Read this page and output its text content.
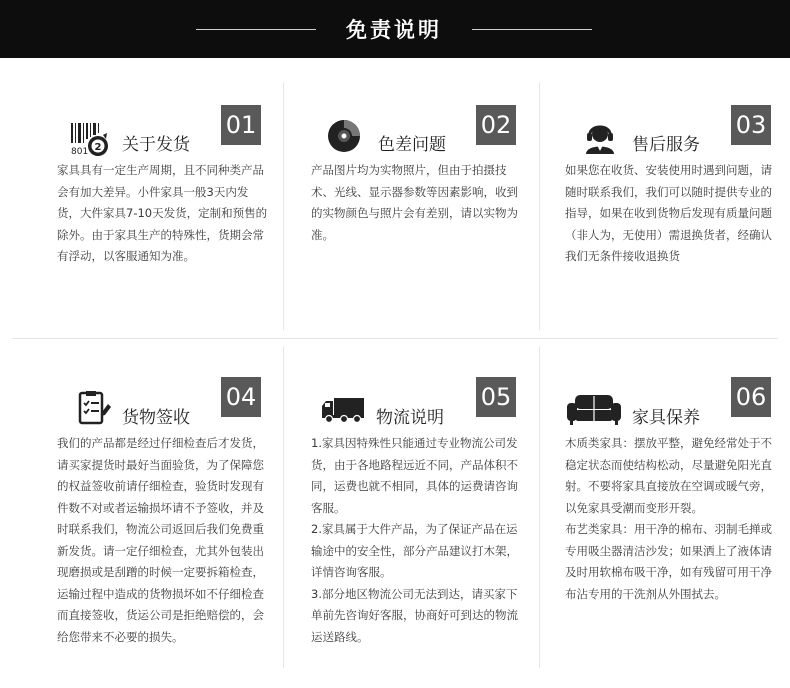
免责说明
01
801 2 关于发货

家具具有一定生产周期，且不同种类产品会有加大差异。小件家具一般3天内发货，大件家具7-10天发货，定制和预售的除外。由于家具生产的特殊性，货期会常有浮动，以客服通知为准。

02
色差问题

产品图片均为实物照片，但由于拍摄技术、光线、显示器参数等因素影响，收到的实物颜色与照片会有差别，请以实物为准。

03
售后服务

如果您在收货、安装使用时遇到问题，请随时联系我们，我们可以随时提供专业的指导，如果在收到货物后发现有质量问题（非人为，无使用）需退换货者，经确认我们无条件接收退换货

04
货物签收

我们的产品都是经过仔细检查后才发货，请买家提货时最好当面验货，为了保障您的权益签收前请仔细检查，验货时发现有件数不对或者运输损坏请不予签收，并及时联系我们，物流公司返回后我们免费重新发货。请一定仔细检查，尤其外包装出现磨损或是刮蹭的时候一定要拆箱检查，运输过程中造成的货物损坏如不仔细检查而直接签收，货运公司是拒绝赔偿的，会给您带来不必要的损失。

05
物流说明

1.家具因特殊性只能通过专业物流公司发货，由于各地路程远近不同，产品体积不同，运费也就不相同，具体的运费请咨询客服。

2.家具属于大件产品，为了保证产品在运输途中的安全性，部分产品建议打木架，详情咨询客服。

3.部分地区物流公司无法到达，请买家下单前先咨询好客服，协商好可到达的物流运送路线。

06
家具保养

木质类家具：摆放平整，避免经常处于不稳定状态而使结构松动，尽量避免阳光直射。不要将家具直接放在空调或暖气旁，以免家具受潮而变形开裂。

布艺类家具：用干净的棉布、羽制毛掸或专用吸尘器清洁沙发；如果洒上了液体请及时用软棉布吸干净，如有残留可用干净布沾专用的干洗剂从外围拭去。
